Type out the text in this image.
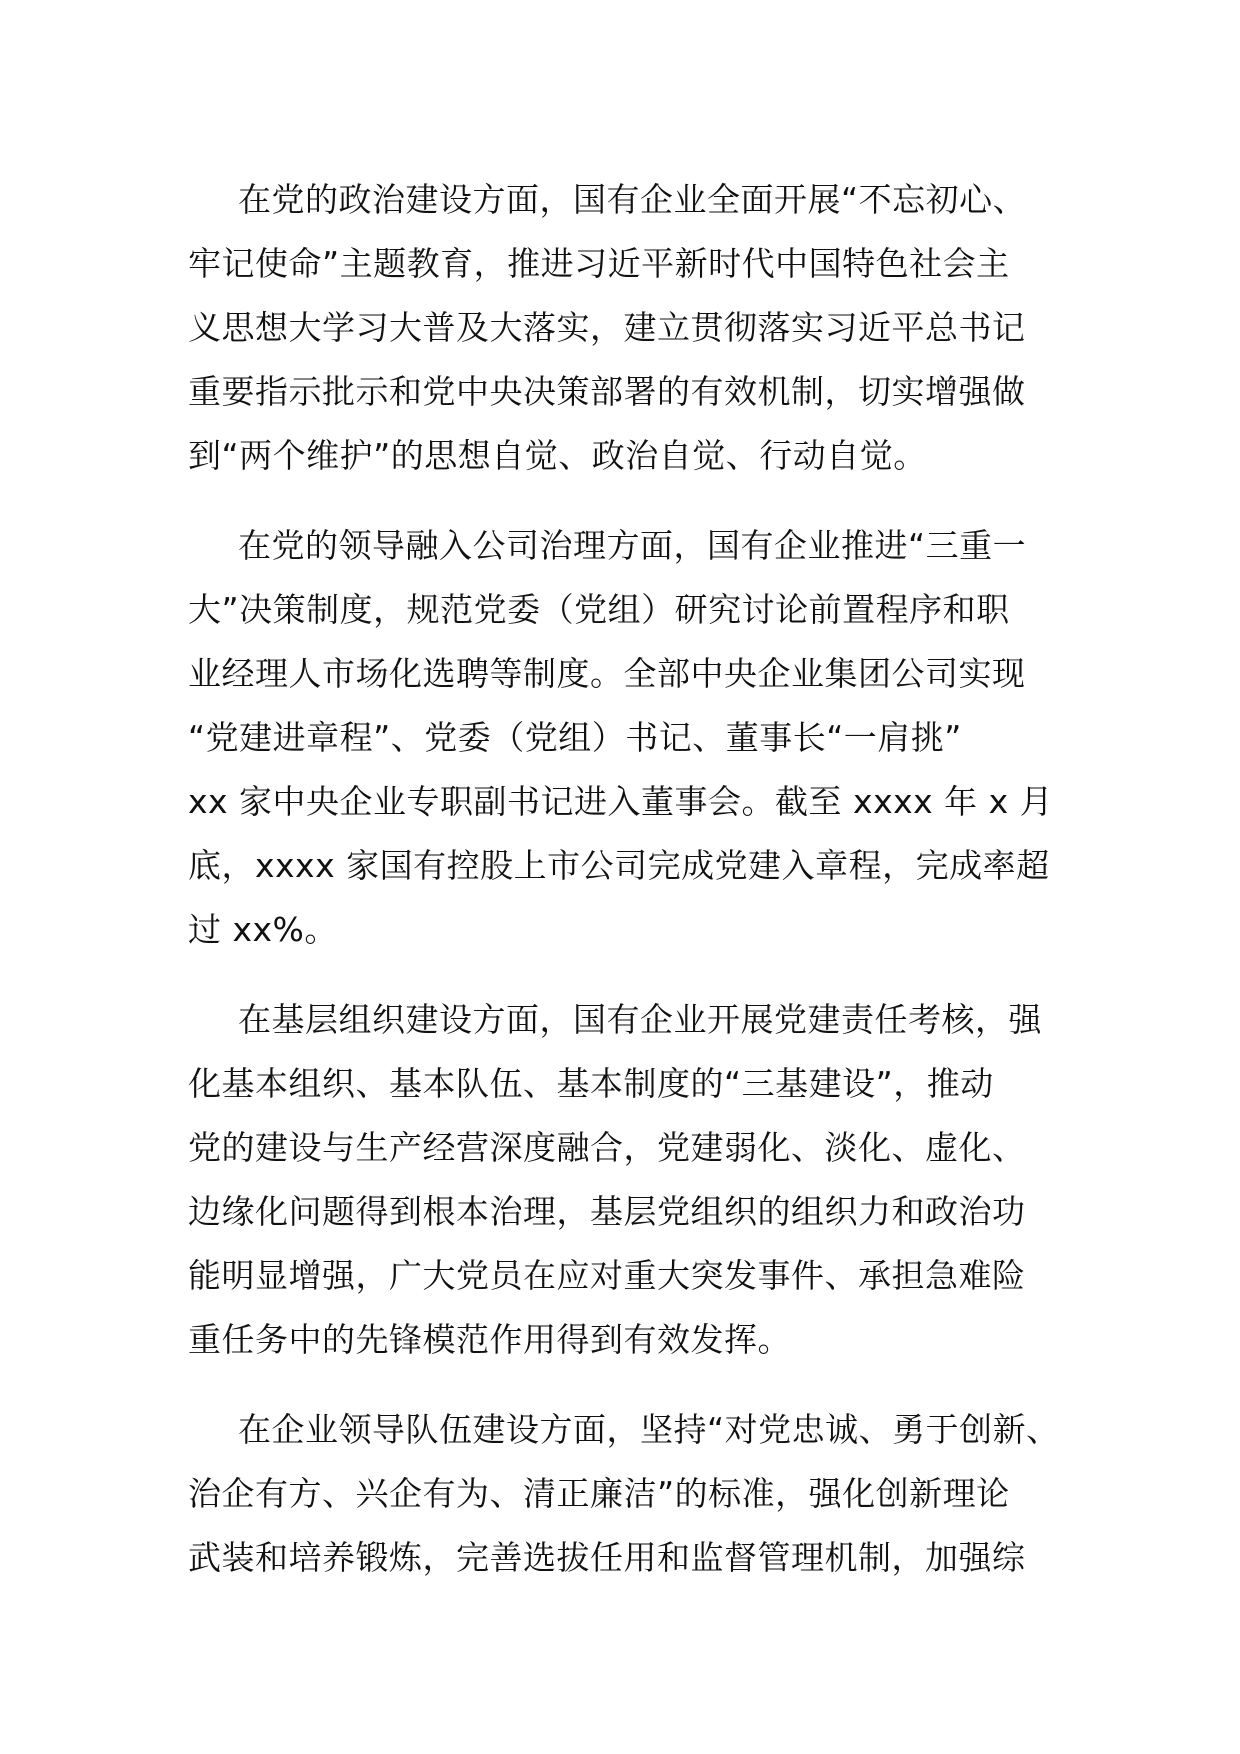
在党的政治建设方面，国有企业全面开展“不忘初心、
牢记使命”主题教育，推进习近平新时代中国特色社会主
义思想大学习大普及大落实，建立贯彻落实习近平总书记
重要指示批示和党中央决策部署的有效机制，切实增强做
到“两个维护”的思想自觉、政治自觉、行动自觉。
在党的领导融入公司治理方面，国有企业推进“三重一
大”决策制度，规范党委（党组）研究讨论前置程序和职
业经理人市场化选聘等制度。全部中央企业集团公司实现
“党建进章程”、党委（党组）书记、董事长“一肩挑”
xx 家中央企业专职副书记进入董事会。截至 xxxx 年 x 月
底，xxxx 家国有控股上市公司完成党建入章程，完成率超
过 xx%。
在基层组织建设方面，国有企业开展党建责任考核，强
化基本组织、基本队伍、基本制度的“三基建设”，推动
党的建设与生产经营深度融合，党建弱化、淡化、虚化、
边缘化问题得到根本治理，基层党组织的组织力和政治功
能明显增强，广大党员在应对重大突发事件、承担急难险
重任务中的先锋模范作用得到有效发挥。
在企业领导队伍建设方面，坚持“对党忠诚、勇于创新、
治企有方、兴企有为、清正廉洁”的标准，强化创新理论
武装和培养锻炼，完善选拔任用和监督管理机制，加强综
